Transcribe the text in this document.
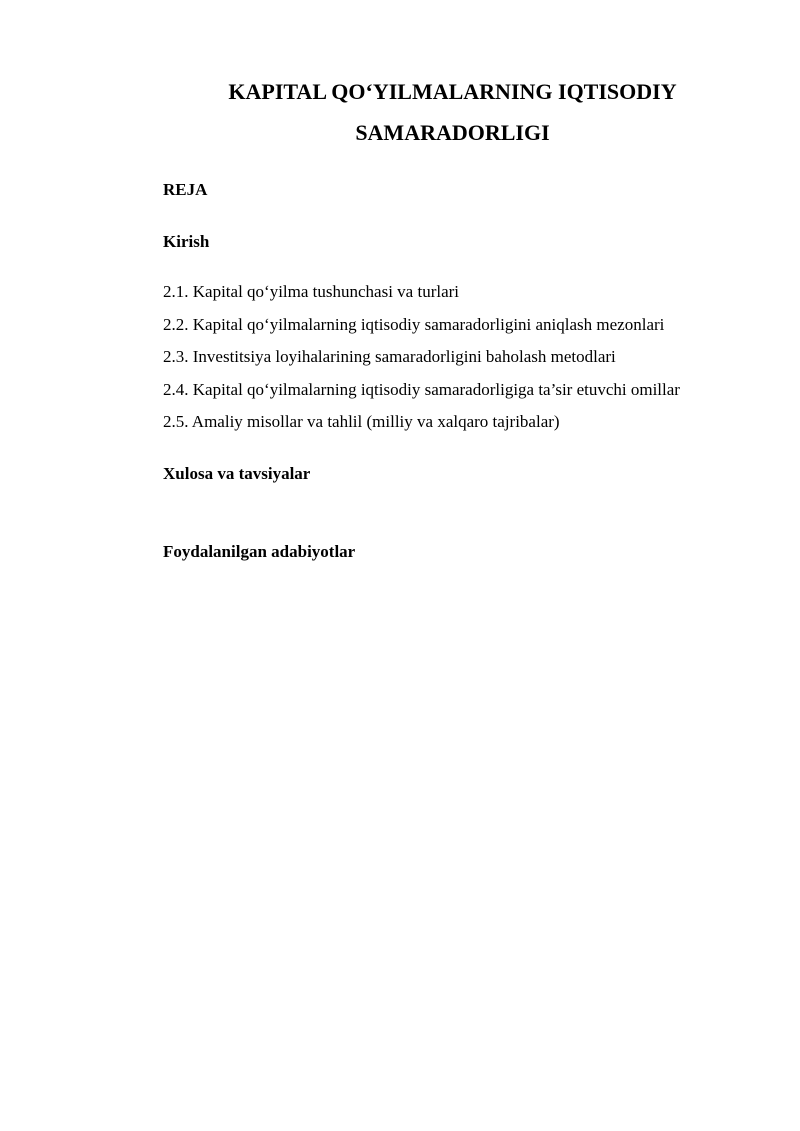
KAPITAL QO‘YILMALARNING IQTISODIY
SAMARADORLIGI
REJA
Kirish
2.1. Kapital qo‘yilma tushunchasi va turlari
2.2. Kapital qo‘yilmalarning iqtisodiy samaradorligini aniqlash mezonlari
2.3. Investitsiya loyihalarining samaradorligini baholash metodlari
2.4. Kapital qo‘yilmalarning iqtisodiy samaradorligiga ta’sir etuvchi omillar
2.5. Amaliy misollar va tahlil (milliy va xalqaro tajribalar)
Xulosa va tavsiyalar
Foydalanilgan adabiyotlar
